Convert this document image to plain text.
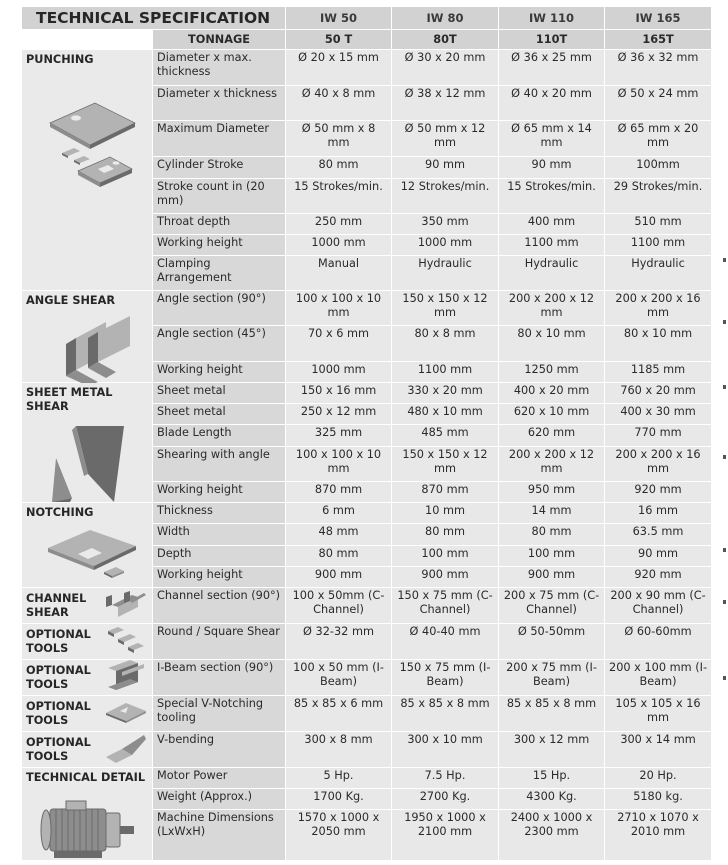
TECHNICAL SPECIFICATION		IW 50	IW 80	IW 110	IW 165
	TONNAGE	50 T	80T	110T	165T

PUNCHING	Diameter x max. thickness	Ø 20 x 15 mm	Ø 30 x 20 mm	Ø 36 x 25 mm	Ø 36 x 32 mm
	Diameter x thickness	Ø 40 x 8 mm	Ø 38 x 12 mm	Ø 40 x 20 mm	Ø 50 x 24 mm
	Maximum Diameter	Ø 50 mm x 8 mm	Ø 50 mm x 12 mm	Ø 65 mm x 14 mm	Ø 65 mm x 20 mm
	Cylinder Stroke	80 mm	90 mm	90 mm	100mm
	Stroke count in (20 mm)	15 Strokes/min.	12 Strokes/min.	15 Strokes/min.	29 Strokes/min.
	Throat depth	250 mm	350 mm	400 mm	510 mm
	Working height	1000 mm	1000 mm	1100 mm	1100 mm
	Clamping Arrangement	Manual	Hydraulic	Hydraulic	Hydraulic

ANGLE SHEAR	Angle section (90°)	100 x 100 x 10 mm	150 x 150 x 12 mm	200 x 200 x 12 mm	200 x 200 x 16 mm
	Angle section (45°)	70 x 6 mm	80 x 8 mm	80 x 10 mm	80 x 10 mm
	Working height	1000 mm	1100 mm	1250 mm	1185 mm

SHEET METAL SHEAR	Sheet metal	150 x 16 mm	330 x 20 mm	400 x 20 mm	760 x 20 mm
	Sheet metal	250 x 12 mm	480 x 10 mm	620 x 10 mm	400 x 30 mm
	Blade Length	325 mm	485 mm	620 mm	770 mm
	Shearing with angle	100 x 100 x 10 mm	150 x 150 x 12 mm	200 x 200 x 12 mm	200 x 200 x 16 mm
	Working height	870 mm	870 mm	950 mm	920 mm

NOTCHING	Thickness	6 mm	10 mm	14 mm	16 mm
	Width	48 mm	80 mm	80 mm	63.5 mm
	Depth	80 mm	100 mm	100 mm	90 mm
	Working height	900 mm	900 mm	900 mm	920 mm

CHANNEL SHEAR	Channel section (90°)	100 x 50mm (C-Channel)	150 x 75 mm (C-Channel)	200 x 75 mm (C-Channel)	200 x 90 mm (C-Channel)

OPTIONAL TOOLS	Round / Square Shear	Ø 32-32 mm	Ø 40-40 mm	Ø 50-50mm	Ø 60-60mm

OPTIONAL TOOLS	I-Beam section (90°)	100 x 50 mm (I-Beam)	150 x 75 mm (I-Beam)	200 x 75 mm (I-Beam)	200 x 100 mm (I-Beam)

OPTIONAL TOOLS	Special V-Notching tooling	85 x 85 x 6 mm	85 x 85 x 8 mm	85 x 85 x 8 mm	105 x 105 x 16 mm

OPTIONAL TOOLS	V-bending	300 x 8 mm	300 x 10 mm	300 x 12 mm	300 x 14 mm

TECHNICAL DETAIL	Motor Power	5 Hp.	7.5 Hp.	15 Hp.	20 Hp.
	Weight (Approx.)	1700 Kg.	2700 Kg.	4300 Kg.	5180 kg.
	Machine Dimensions (LxWxH)	1570 x 1000 x 2050 mm	1950 x 1000 x 2100 mm	2400 x 1000 x 2300 mm	2710 x 1070 x 2010 mm
